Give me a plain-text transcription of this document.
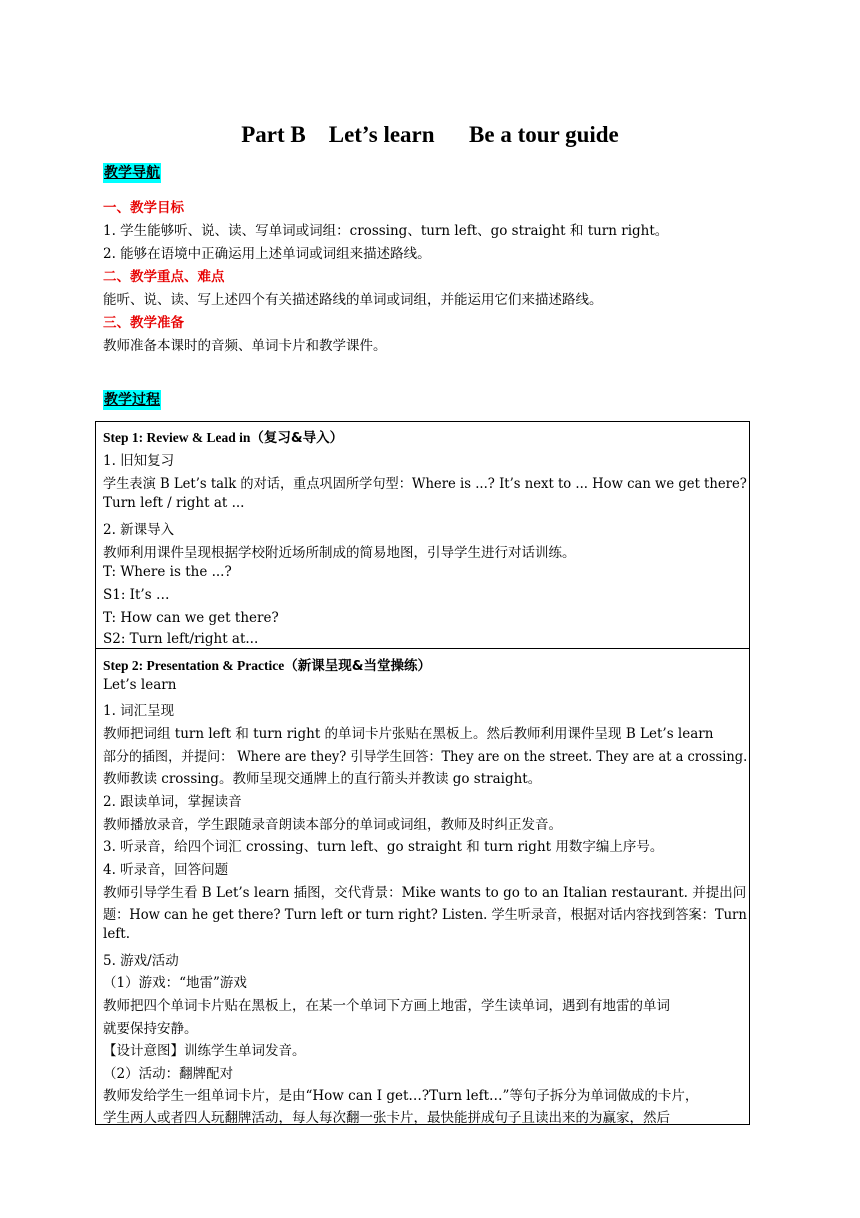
Part B    Let’s learn      Be a tour guide
教学导航
一、教学目标
1. 学生能够听、说、读、写单词或词组：crossing、turn left、go straight 和 turn right。
2. 能够在语境中正确运用上述单词或词组来描述路线。
二、教学重点、难点
能听、说、读、写上述四个有关描述路线的单词或词组，并能运用它们来描述路线。
三、教学准备
教师准备本课时的音频、单词卡片和教学课件。
教学过程
Step 1: Review & Lead in（复习&导入）
1. 旧知复习
学生表演 B Let’s talk 的对话，重点巩固所学句型：Where is ...? It’s next to ... How can we get there?
Turn left / right at ...
2. 新课导入
教师利用课件呈现根据学校附近场所制成的简易地图，引导学生进行对话训练。
T: Where is the ...?
S1: It’s …
T: How can we get there?
S2: Turn left/right at...
Step 2: Presentation & Practice（新课呈现&当堂操练）
Let’s learn
1. 词汇呈现
教师把词组 turn left 和 turn right 的单词卡片张贴在黑板上。然后教师利用课件呈现 B Let’s learn
部分的插图，并提问： Where are they? 引导学生回答：They are on the street. They are at a crossing.
教师教读 crossing。教师呈现交通牌上的直行箭头并教读 go straight。
2. 跟读单词，掌握读音
教师播放录音，学生跟随录音朗读本部分的单词或词组，教师及时纠正发音。
3. 听录音，给四个词汇 crossing、turn left、go straight 和 turn right 用数字编上序号。
4. 听录音，回答问题
教师引导学生看 B Let’s learn 插图，交代背景：Mike wants to go to an Italian restaurant. 并提出问
题：How can he get there? Turn left or turn right? Listen. 学生听录音，根据对话内容找到答案：Turn
left.
5. 游戏/活动
（1）游戏：“地雷”游戏
教师把四个单词卡片贴在黑板上，在某一个单词下方画上地雷，学生读单词，遇到有地雷的单词
就要保持安静。
【设计意图】训练学生单词发音。
（2）活动：翻牌配对
教师发给学生一组单词卡片，是由“How can I get…?Turn left…”等句子拆分为单词做成的卡片，
学生两人或者四人玩翻牌活动，每人每次翻一张卡片，最快能拼成句子且读出来的为赢家，然后
